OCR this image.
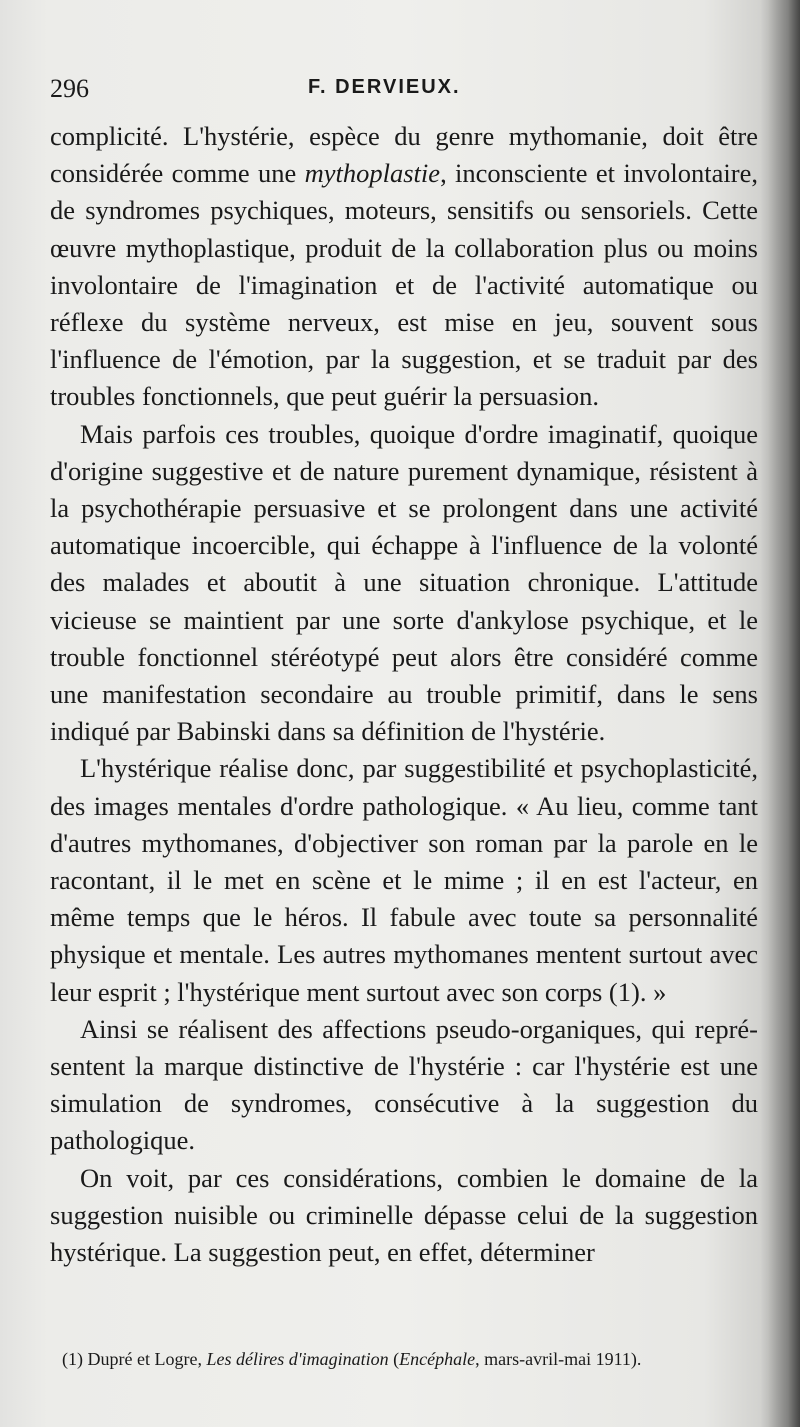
296	F. DERVIEUX.

complicité. L'hystérie, espèce du genre mythomanie, doit être considérée comme une mythoplastie, inconsciente et involontaire, de syndromes psychiques, moteurs, sensitifs ou sensoriels. Cette œuvre mythoplastique, produit de la collaboration plus ou moins involontaire de l'imagination et de l'activité automatique ou réflexe du système nerveux, est mise en jeu, souvent sous l'influence de l'émotion, par la suggestion, et se traduit par des troubles fonctionnels, que peut guérir la persuasion.

Mais parfois ces troubles, quoique d'ordre imaginatif, quoique d'origine suggestive et de nature purement dynamique, résistent à la psychothérapie persuasive et se prolongent dans une activité automatique incoercible, qui échappe à l'influence de la volonté des malades et aboutit à une situation chronique. L'attitude vicieuse se maintient par une sorte d'ankylose psychique, et le trouble fonctionnel stéréotypé peut alors être considéré comme une manifestation secondaire au trouble primitif, dans le sens indiqué par Babinski dans sa définition de l'hystérie.

L'hystérique réalise donc, par suggestibilité et psychoplasticité, des images mentales d'ordre pathologique. « Au lieu, comme tant d'autres mythomanes, d'objectiver son roman par la parole en le racontant, il le met en scène et le mime ; il en est l'acteur, en même temps que le héros. Il fabule avec toute sa personnalité physique et mentale. Les autres mythomanes mentent surtout avec leur esprit ; l'hystérique ment surtout avec son corps (1). »

Ainsi se réalisent des affections pseudo-organiques, qui représentent la marque distinctive de l'hystérie : car l'hystérie est une simulation de syndromes, consécutive à la suggestion du pathologique.

On voit, par ces considérations, combien le domaine de la suggestion nuisible ou criminelle dépasse celui de la suggestion hystérique. La suggestion peut, en effet, déterminer

(1) Dupré et Logre, Les délires d'imagination (Encéphale, mars-avril-mai 1911).
